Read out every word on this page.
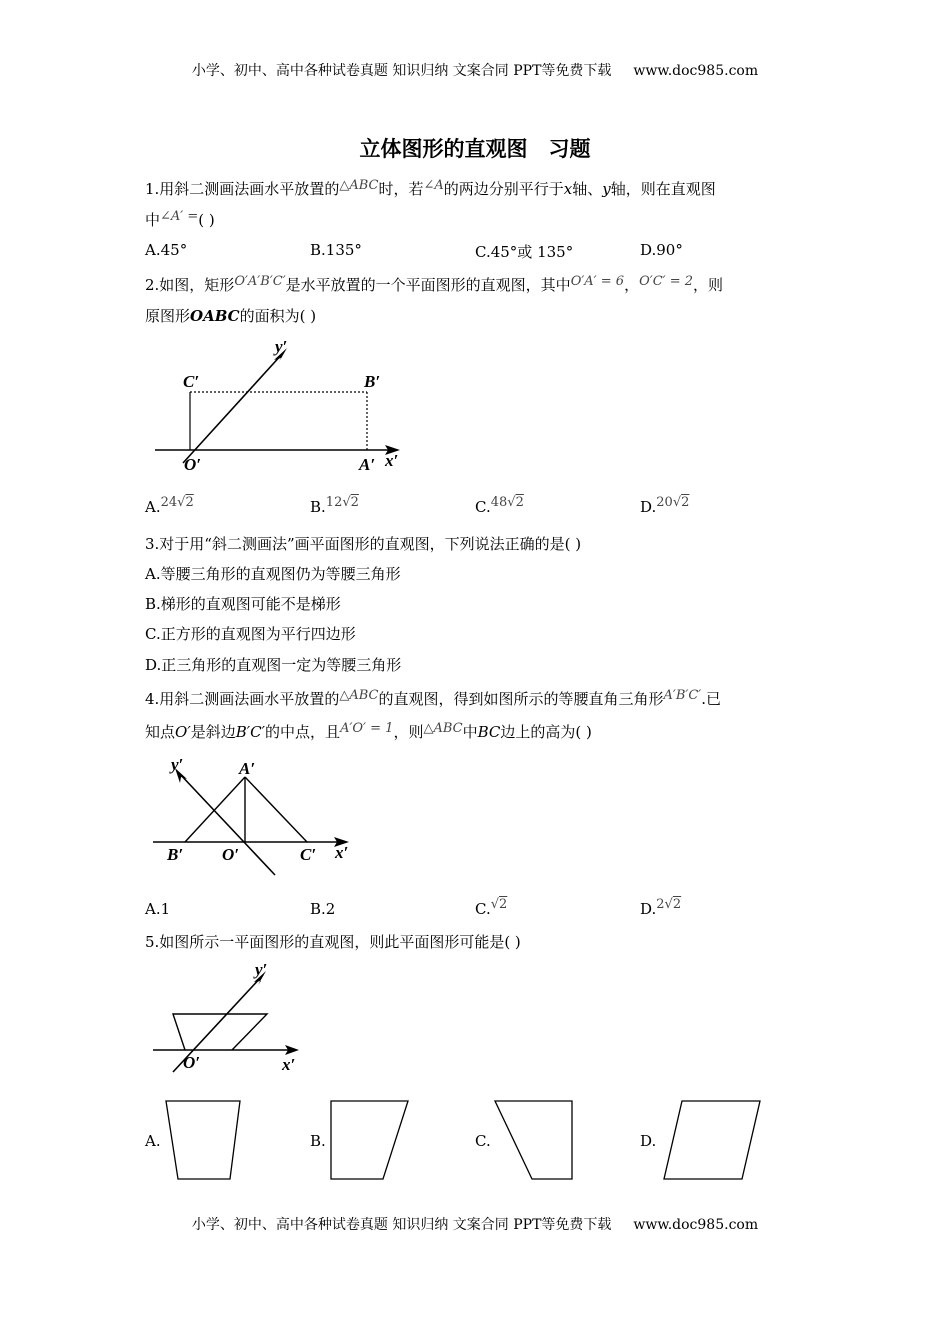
小学、初中、高中各种试卷真题 知识归纳 文案合同 PPT等免费下载 www.doc985.com
立体图形的直观图　习题
1.用斜二测画法画水平放置的△ABC时，若∠A的两边分别平行于x轴、y轴，则在直观图
中∠A′ =( )
A.45°	B.135°	C.45°或 135°	D.90°
2.如图，矩形O′A′B′C′是水平放置的一个平面图形的直观图，其中O′A′ = 6，O′C′ = 2，则
原图形OABC的面积为( )
C′	B′
O′	A′ x′
y′
A.24√2	B.12√2	C.48√2	D.20√2
3.对于用“斜二测画法”画平面图形的直观图，下列说法正确的是( )
A.等腰三角形的直观图仍为等腰三角形
B.梯形的直观图可能不是梯形
C.正方形的直观图为平行四边形
D.正三角形的直观图一定为等腰三角形
4.用斜二测画法画水平放置的△ABC的直观图，得到如图所示的等腰直角三角形A′B′C′.已
知点O′是斜边B′C′的中点，且A′O′ = 1，则△ABC中BC边上的高为( )
y′	A′
B′ O′	C′ x′
A.1	B.2	C.√2	D.2√2
5.如图所示一平面图形的直观图，则此平面图形可能是( )
y′
O′	x′
A.	B.	C.	D.
小学、初中、高中各种试卷真题 知识归纳 文案合同 PPT等免费下载 www.doc985.com
